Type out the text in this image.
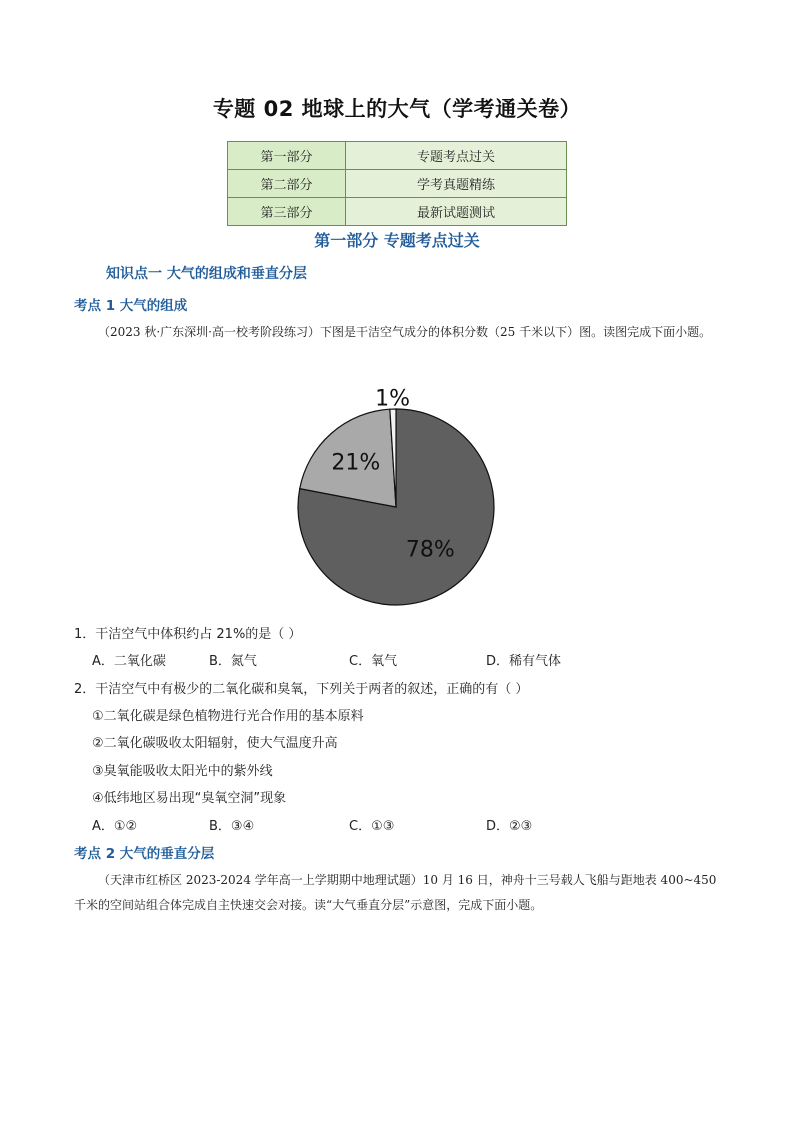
专题 02 地球上的大气（学考通关卷）
第一部分	专题考点过关
第二部分	学考真题精练
第三部分	最新试题测试
第一部分 专题考点过关
知识点一 大气的组成和垂直分层
考点 1 大气的组成
（2023 秋·广东深圳·高一校考阶段练习）下图是干洁空气成分的体积分数（25 千米以下）图。读图完成下面小题。
78%
21%
1%
1．干洁空气中体积约占 21%的是（ ）
A．二氧化碳	B．氮气	C．氧气	D．稀有气体
2．干洁空气中有极少的二氧化碳和臭氧，下列关于两者的叙述，正确的有（ ）
①二氧化碳是绿色植物进行光合作用的基本原料
②二氧化碳吸收太阳辐射，使大气温度升高
③臭氧能吸收太阳光中的紫外线
④低纬地区易出现“臭氧空洞”现象
A．①②	B．③④	C．①③	D．②③
考点 2 大气的垂直分层
（天津市红桥区 2023-2024 学年高一上学期期中地理试题）10 月 16 日，神舟十三号载人飞船与距地表 400~450 千米的空间站组合体完成自主快速交会对接。读“大气垂直分层”示意图，完成下面小题。
